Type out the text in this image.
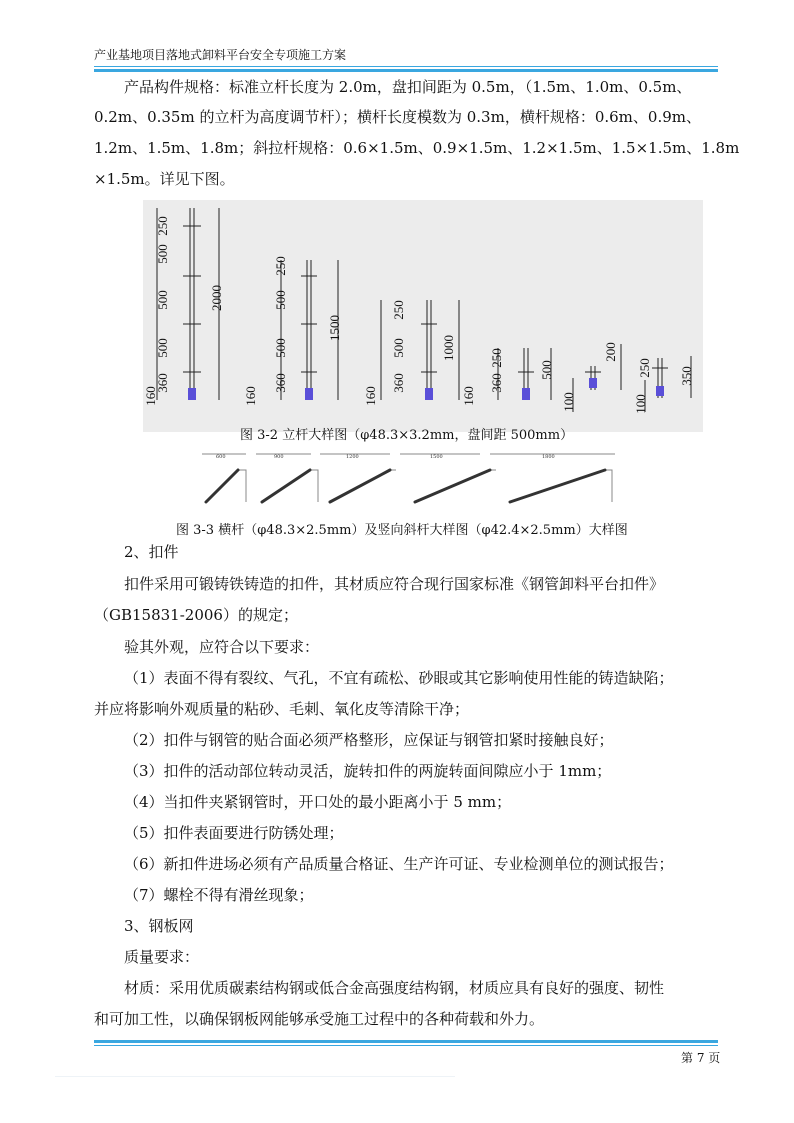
产业基地项目落地式卸料平台安全专项施工方案

产品构件规格：标准立杆长度为 2.0m，盘扣间距为 0.5m，（1.5m、1.0m、0.5m、

0.2m、0.35m 的立杆为高度调节杆）；横杆长度模数为 0.3m，横杆规格：0.6m、0.9m、

1.2m、1.5m、1.8m；斜拉杆规格：0.6×1.5m、0.9×1.5m、1.2×1.5m、1.5×1.5m、1.8m

×1.5m。详见下图。

250
500
500
500
360
160
2000
250
500
500
360
160
1500
250
500
360
160
1000	250
360
160
500
200
100
250
100
350
图 3-2 立杆大样图（φ48.3×3.2mm，盘间距 500mm）
600	900	1200	1500	1800
图 3-3 横杆（φ48.3×2.5mm）及竖向斜杆大样图（φ42.4×2.5mm）大样图

2、扣件

扣件采用可锻铸铁铸造的扣件，其材质应符合现行国家标准《钢管卸料平台扣件》

（GB15831-2006）的规定；

验其外观，应符合以下要求：

（1）表面不得有裂纹、气孔，不宜有疏松、砂眼或其它影响使用性能的铸造缺陷；

并应将影响外观质量的粘砂、毛刺、氧化皮等清除干净；

（2）扣件与钢管的贴合面必须严格整形，应保证与钢管扣紧时接触良好；

（3）扣件的活动部位转动灵活，旋转扣件的两旋转面间隙应小于 1mm；

（4）当扣件夹紧钢管时，开口处的最小距离小于 5 mm；

（5）扣件表面要进行防锈处理；

（6）新扣件进场必须有产品质量合格证、生产许可证、专业检测单位的测试报告；

（7）螺栓不得有滑丝现象；

3、钢板网

质量要求：

材质：采用优质碳素结构钢或低合金高强度结构钢，材质应具有良好的强度、韧性

和可加工性，以确保钢板网能够承受施工过程中的各种荷载和外力。

第 7 页
